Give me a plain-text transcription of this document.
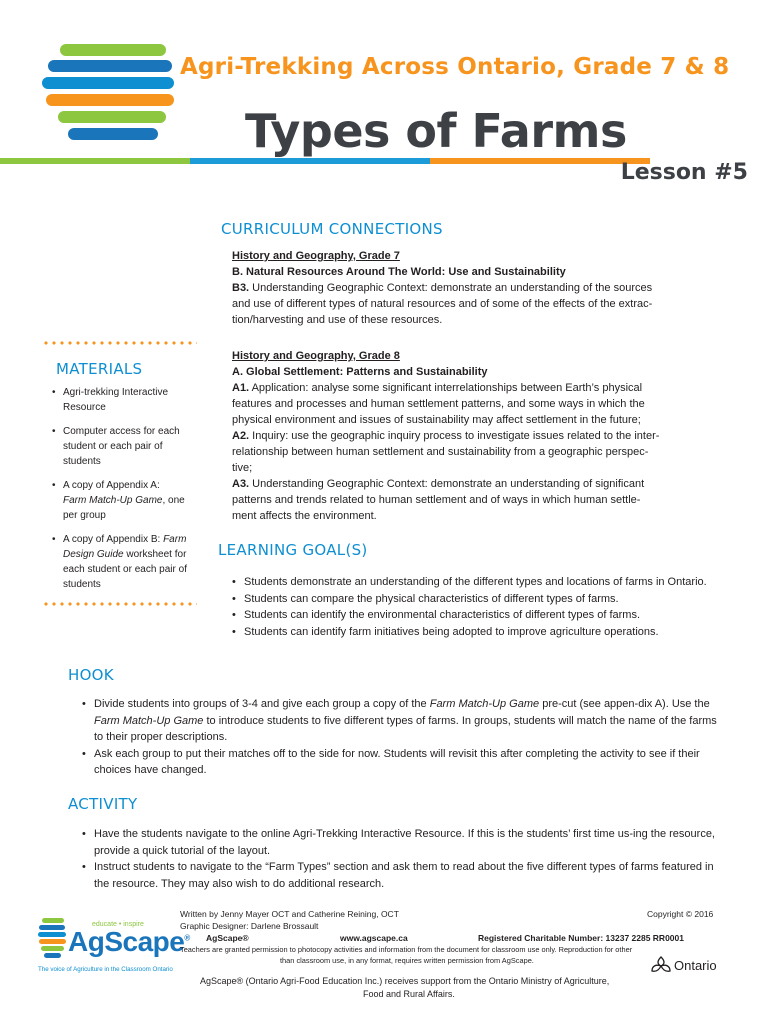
Agri-Trekking Across Ontario, Grade 7 & 8
Types of Farms
Lesson #5
CURRICULUM CONNECTIONS
History and Geography, Grade 7
B. Natural Resources Around The World: Use and Sustainability
B3. Understanding Geographic Context: demonstrate an understanding of the sources
and use of different types of natural resources and of some of the effects of the extrac-
tion/harvesting and use of these resources.
History and Geography, Grade 8
A. Global Settlement: Patterns and Sustainability
A1. Application: analyse some significant interrelationships between Earth’s physical
features and processes and human settlement patterns, and some ways in which the
physical environment and issues of sustainability may affect settlement in the future;
A2. Inquiry: use the geographic inquiry process to investigate issues related to the inter-
relationship between human settlement and sustainability from a geographic perspec-
tive;
A3. Understanding Geographic Context: demonstrate an understanding of significant
patterns and trends related to human settlement and of ways in which human settle-
ment affects the environment.
MATERIALS
• Agri-trekking Interactive
Resource
• Computer access for each
student or each pair of
students
• A copy of Appendix A:
Farm Match-Up Game, one
per group
• A copy of Appendix B: Farm
Design Guide worksheet for
each student or each pair of
students
LEARNING GOAL(S)
• Students demonstrate an understanding of the different types and locations of farms in Ontario.
• Students can compare the physical characteristics of different types of farms.
• Students can identify the environmental characteristics of different types of farms.
• Students can identify farm initiatives being adopted to improve agriculture operations.
HOOK
• Divide students into groups of 3-4 and give each group a copy of the Farm Match-Up Game pre-cut (see appen-dix A). Use the Farm Match-Up Game to introduce students to five different types of farms. In groups, students will match the name of the farms to their proper descriptions.
• Ask each group to put their matches off to the side for now. Students will revisit this after completing the activity to see if their choices have changed.
ACTIVITY
• Have the students navigate to the online Agri-Trekking Interactive Resource. If this is the students’ first time us-ing the resource, provide a quick tutorial of the layout.
• Instruct students to navigate to the “Farm Types” section and ask them to read about the five different types of farms featured in the resource. They may also wish to do additional research.
educate • inspire
AgScape®
The voice of Agriculture in the Classroom Ontario
Written by Jenny Mayer OCT and Catherine Reining, OCT	Copyright © 2016
Graphic Designer: Darlene Brossault
AgScape®	www.agscape.ca	Registered Charitable Number: 13237 2285 RR0001
Teachers are granted permission to photocopy activities and information from the document for classroom use only. Reproduction for other
than classroom use, in any format, requires written permission from AgScape.
AgScape® (Ontario Agri-Food Education Inc.) receives support from the Ontario Ministry of Agriculture,
Food and Rural Affairs.
Ontario
